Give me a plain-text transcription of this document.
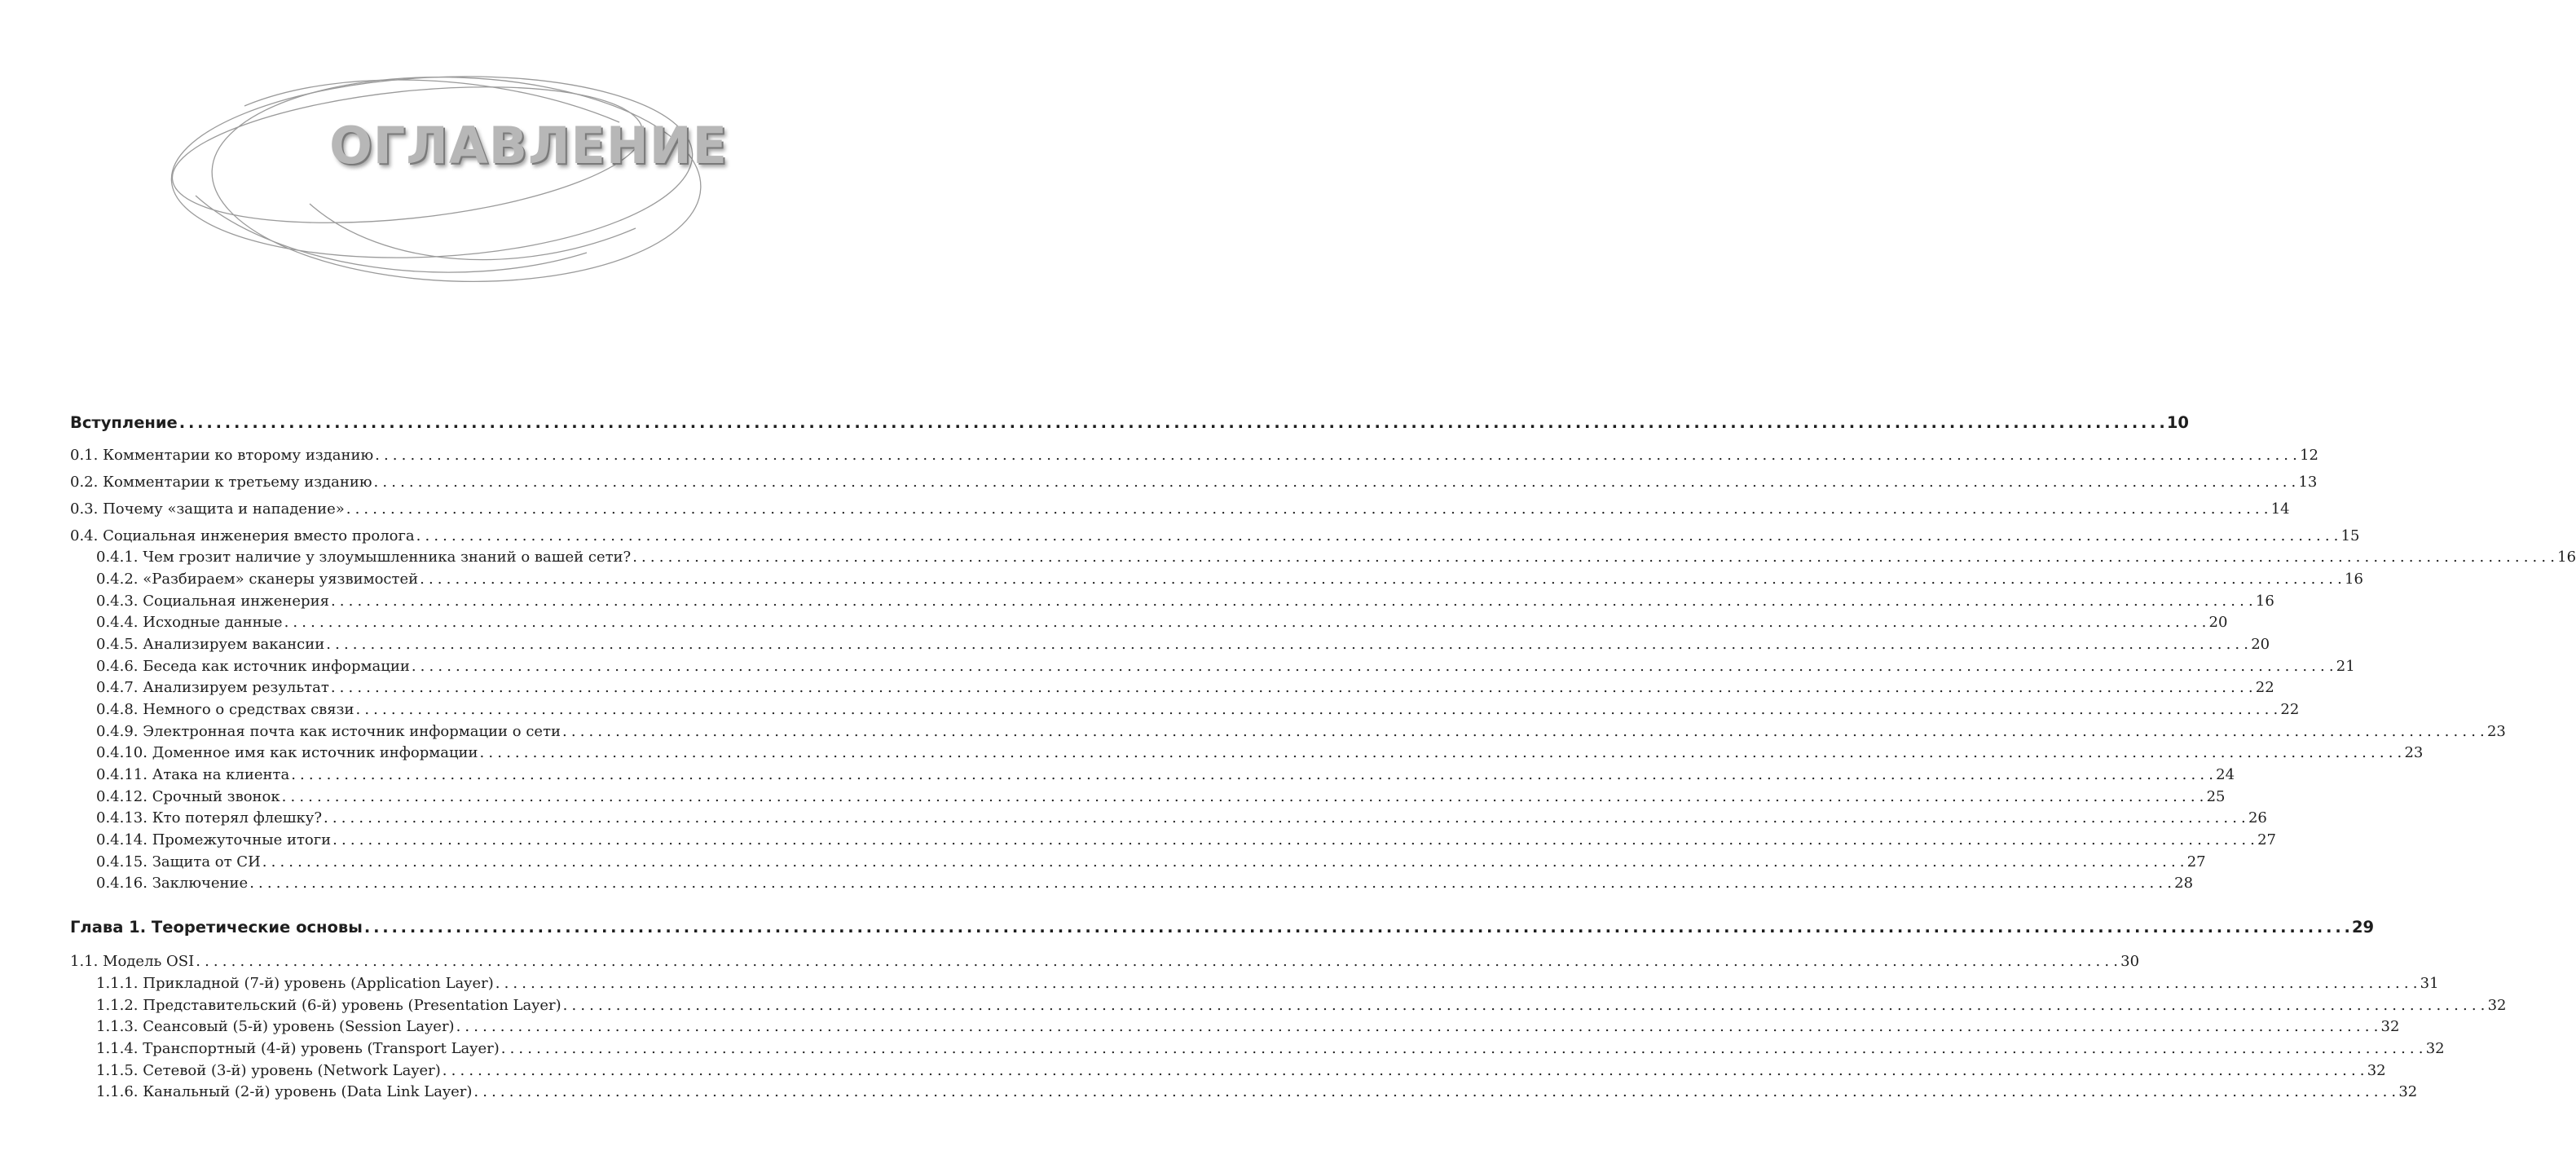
ОГЛАВЛЕНИЕ
Вступление . . .	10
0.1. Комментарии ко второму изданию . . .	12
0.2. Комментарии к третьему изданию . . .	13
0.3. Почему «защита и нападение» . . .	14
0.4. Социальная инженерия вместо пролога . . .	15
0.4.1. Чем грозит наличие у злоумышленника знаний о вашей сети? . . .	16
0.4.2. «Разбираем» сканеры уязвимостей . . .	16
0.4.3. Социальная инженерия . . .	16
0.4.4. Исходные данные . . .	20
0.4.5. Анализируем вакансии . . .	20
0.4.6. Беседа как источник информации . . .	21
0.4.7. Анализируем результат . . .	22
0.4.8. Немного о средствах связи . . .	22
0.4.9. Электронная почта как источник информации о сети . . .	23
0.4.10. Доменное имя как источник информации . . .	23
0.4.11. Атака на клиента . . .	24
0.4.12. Срочный звонок . . .	25
0.4.13. Кто потерял флешку? . . .	26
0.4.14. Промежуточные итоги . . .	27
0.4.15. Защита от СИ . . .	27
0.4.16. Заключение . . .	28
Глава 1. Теоретические основы . . .	29
1.1. Модель OSI . . .	30
1.1.1. Прикладной (7-й) уровень (Application Layer) . . .	31
1.1.2. Представительский (6-й) уровень (Presentation Layer) . . .	32
1.1.3. Сеансовый (5-й) уровень (Session Layer) . . .	32
1.1.4. Транспортный (4-й) уровень (Transport Layer) . . .	32
1.1.5. Сетевой (3-й) уровень (Network Layer) . . .	32
1.1.6. Канальный (2-й) уровень (Data Link Layer) . . .	32
